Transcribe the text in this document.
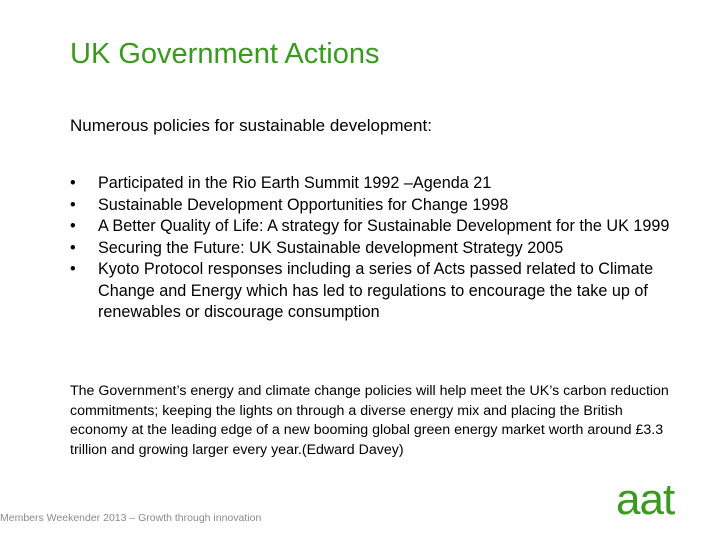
UK Government Actions

Numerous policies for sustainable development:

•	Participated in the Rio Earth Summit 1992 –Agenda 21
•	Sustainable Development Opportunities for Change 1998
•	A Better Quality of Life: A strategy for Sustainable Development for the UK 1999
•	Securing the Future: UK Sustainable development Strategy 2005
•	Kyoto Protocol responses including a series of Acts passed related to Climate Change and Energy which has led to regulations to encourage the take up of renewables or discourage consumption

The Government’s energy and climate change policies will help meet the UK’s carbon reduction commitments; keeping the lights on through a diverse energy mix and placing the British economy at the leading edge of a new booming global green energy market worth around £3.3 trillion and growing larger every year.(Edward Davey)

Members Weekender 2013 – Growth through innovation	aat
